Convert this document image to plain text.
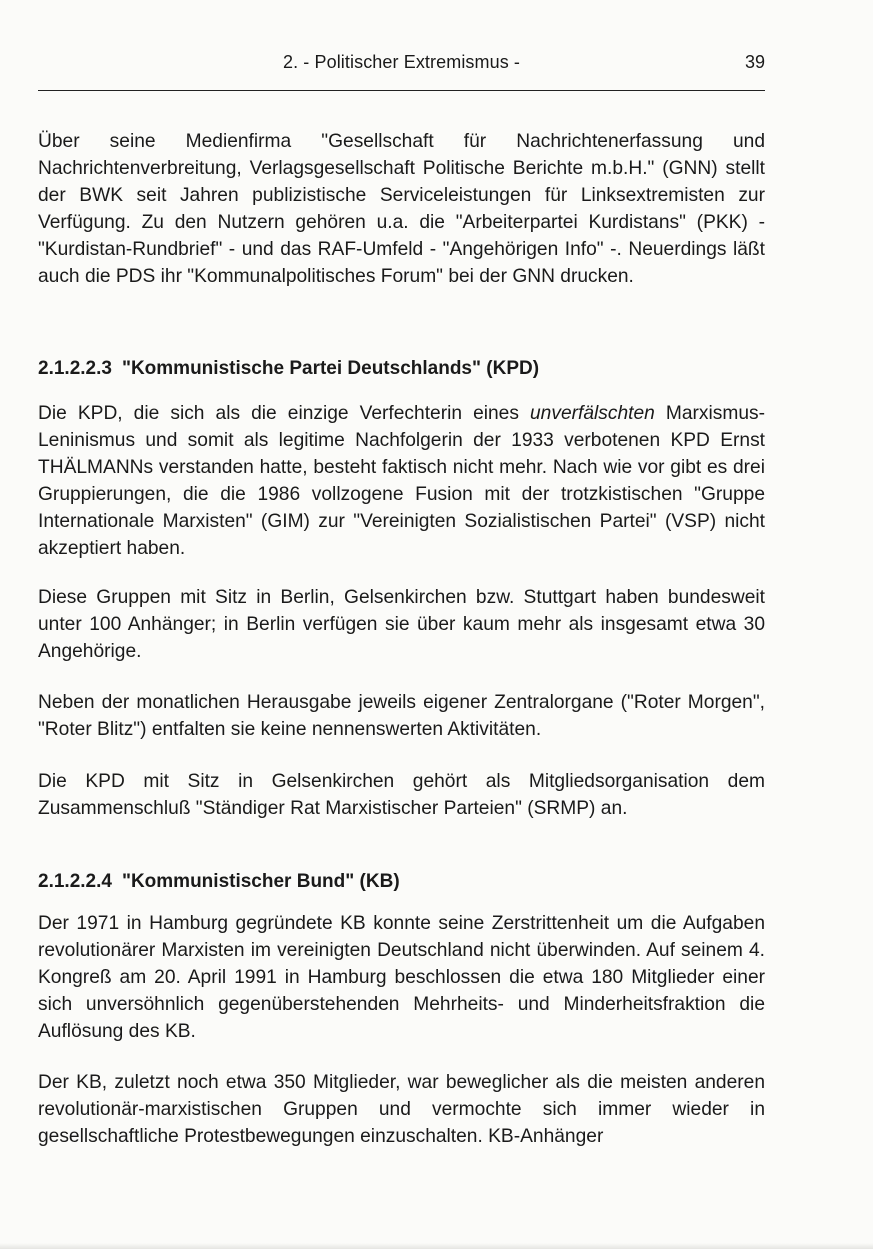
2. - Politischer Extremismus -	39

Über seine Medienfirma "Gesellschaft für Nachrichtenerfassung und Nachrichtenverbreitung, Verlagsgesellschaft Politische Berichte m.b.H." (GNN) stellt der BWK seit Jahren publizistische Serviceleistungen für Linksextremisten zur Verfügung. Zu den Nutzern gehören u.a. die "Arbeiterpartei Kurdistans" (PKK) - "Kurdistan-Rundbrief" - und das RAF-Umfeld - "Angehörigen Info" -. Neuerdings läßt auch die PDS ihr "Kommunalpolitisches Forum" bei der GNN drucken.

2.1.2.2.3 "Kommunistische Partei Deutschlands" (KPD)

Die KPD, die sich als die einzige Verfechterin eines unverfälschten Marxismus-Leninismus und somit als legitime Nachfolgerin der 1933 verbotenen KPD Ernst THÄLMANNs verstanden hatte, besteht faktisch nicht mehr. Nach wie vor gibt es drei Gruppierungen, die die 1986 vollzogene Fusion mit der trotzkistischen "Gruppe Internationale Marxisten" (GIM) zur "Vereinigten Sozialistischen Partei" (VSP) nicht akzeptiert haben.

Diese Gruppen mit Sitz in Berlin, Gelsenkirchen bzw. Stuttgart haben bundesweit unter 100 Anhänger; in Berlin verfügen sie über kaum mehr als insgesamt etwa 30 Angehörige.

Neben der monatlichen Herausgabe jeweils eigener Zentralorgane ("Roter Morgen", "Roter Blitz") entfalten sie keine nennenswerten Aktivitäten.

Die KPD mit Sitz in Gelsenkirchen gehört als Mitgliedsorganisation dem Zusammenschluß "Ständiger Rat Marxistischer Parteien" (SRMP) an.

2.1.2.2.4 "Kommunistischer Bund" (KB)

Der 1971 in Hamburg gegründete KB konnte seine Zerstrittenheit um die Aufgaben revolutionärer Marxisten im vereinigten Deutschland nicht überwinden. Auf seinem 4. Kongreß am 20. April 1991 in Hamburg beschlossen die etwa 180 Mitglieder einer sich unversöhnlich gegenüberstehenden Mehrheits- und Minderheitsfraktion die Auflösung des KB.

Der KB, zuletzt noch etwa 350 Mitglieder, war beweglicher als die meisten anderen revolutionär-marxistischen Gruppen und vermochte sich immer wieder in gesellschaftliche Protestbewegungen einzuschalten. KB-Anhänger
